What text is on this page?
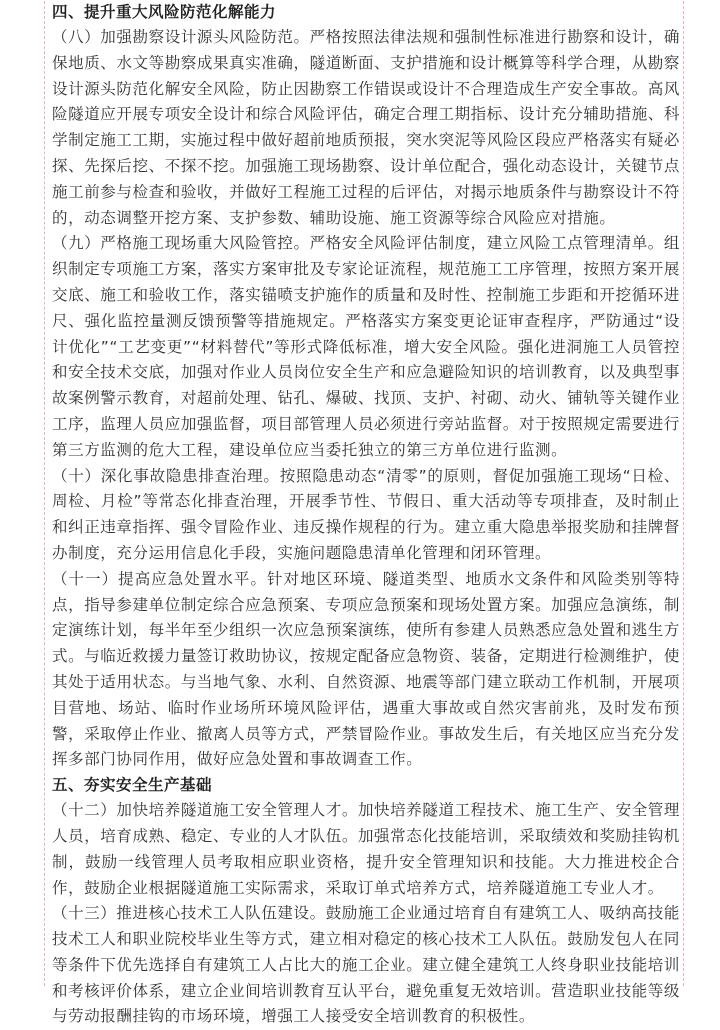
四、提升重大风险防范化解能力

（八）加强勘察设计源头风险防范。严格按照法律法规和强制性标准进行勘察和设计，确保地质、水文等勘察成果真实准确，隧道断面、支护措施和设计概算等科学合理，从勘察设计源头防范化解安全风险，防止因勘察工作错误或设计不合理造成生产安全事故。高风险隧道应开展专项安全设计和综合风险评估，确定合理工期指标、设计充分辅助措施、科学制定施工工期，实施过程中做好超前地质预报，突水突泥等风险区段应严格落实有疑必探、先探后挖、不探不挖。加强施工现场勘察、设计单位配合，强化动态设计，关键节点施工前参与检查和验收，并做好工程施工过程的后评估，对揭示地质条件与勘察设计不符的，动态调整开挖方案、支护参数、辅助设施、施工资源等综合风险应对措施。

（九）严格施工现场重大风险管控。严格安全风险评估制度，建立风险工点管理清单。组织制定专项施工方案，落实方案审批及专家论证流程，规范施工工序管理，按照方案开展交底、施工和验收工作，落实锚喷支护施作的质量和及时性、控制施工步距和开挖循环进尺、强化监控量测反馈预警等措施规定。严格落实方案变更论证审查程序，严防通过“设计优化”“工艺变更”“材料替代”等形式降低标准，增大安全风险。强化进洞施工人员管控和安全技术交底，加强对作业人员岗位安全生产和应急避险知识的培训教育，以及典型事故案例警示教育，对超前处理、钻孔、爆破、找顶、支护、衬砌、动火、铺轨等关键作业工序，监理人员应加强监督，项目部管理人员必须进行旁站监督。对于按照规定需要进行第三方监测的危大工程，建设单位应当委托独立的第三方单位进行监测。

（十）深化事故隐患排查治理。按照隐患动态“清零”的原则，督促加强施工现场“日检、周检、月检”等常态化排查治理，开展季节性、节假日、重大活动等专项排查，及时制止和纠正违章指挥、强令冒险作业、违反操作规程的行为。建立重大隐患举报奖励和挂牌督办制度，充分运用信息化手段，实施问题隐患清单化管理和闭环管理。

（十一）提高应急处置水平。针对地区环境、隧道类型、地质水文条件和风险类别等特点，指导参建单位制定综合应急预案、专项应急预案和现场处置方案。加强应急演练，制定演练计划，每半年至少组织一次应急预案演练，使所有参建人员熟悉应急处置和逃生方式。与临近救援力量签订救助协议，按规定配备应急物资、装备，定期进行检测维护，使其处于适用状态。与当地气象、水利、自然资源、地震等部门建立联动工作机制，开展项目营地、场站、临时作业场所环境风险评估，遇重大事故或自然灾害前兆，及时发布预警，采取停止作业、撤离人员等方式，严禁冒险作业。事故发生后，有关地区应当充分发挥多部门协同作用，做好应急处置和事故调查工作。

五、夯实安全生产基础

（十二）加快培养隧道施工安全管理人才。加快培养隧道工程技术、施工生产、安全管理人员，培育成熟、稳定、专业的人才队伍。加强常态化技能培训，采取绩效和奖励挂钩机制，鼓励一线管理人员考取相应职业资格，提升安全管理知识和技能。大力推进校企合作，鼓励企业根据隧道施工实际需求，采取订单式培养方式，培养隧道施工专业人才。

（十三）推进核心技术工人队伍建设。鼓励施工企业通过培育自有建筑工人、吸纳高技能技术工人和职业院校毕业生等方式，建立相对稳定的核心技术工人队伍。鼓励发包人在同等条件下优先选择自有建筑工人占比大的施工企业。建立健全建筑工人终身职业技能培训和考核评价体系，建立企业间培训教育互认平台，避免重复无效培训。营造职业技能等级与劳动报酬挂钩的市场环境，增强工人接受安全培训教育的积极性。
